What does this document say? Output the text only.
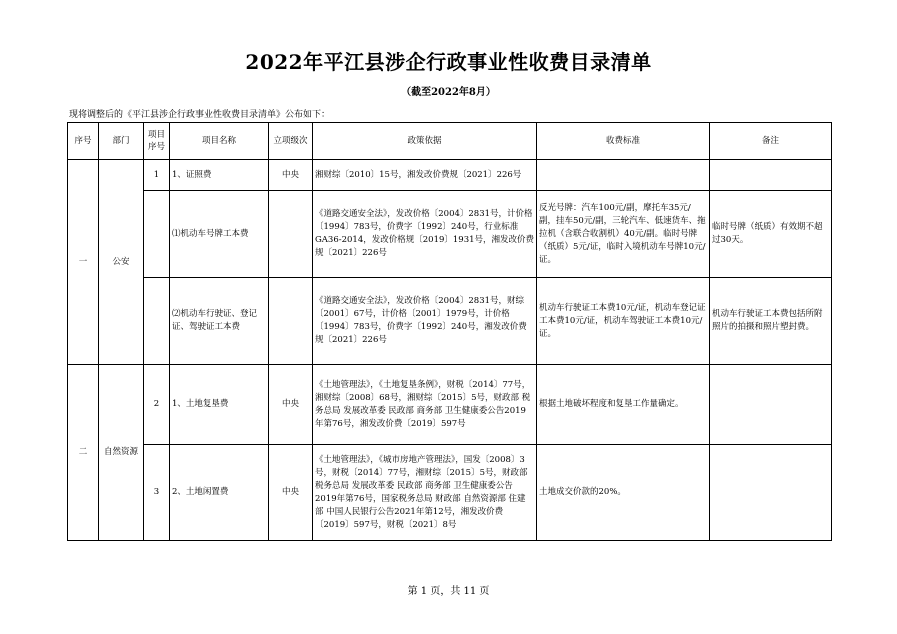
2022年平江县涉企行政事业性收费目录清单
（截至2022年8月）
现将调整后的《平江县涉企行政事业性收费目录清单》公布如下：
序号	部门	项目序号	项目名称	立项级次	政策依据	收费标准	备注
一	公安	1	1、证照费	中央	湘财综〔2010〕15号，湘发改价费规〔2021〕226号		
			⑴机动车号牌工本费		《道路交通安全法》，发改价格〔2004〕2831号，计价格〔1994〕783号，价费字〔1992〕240号，行业标准GA36-2014，发改价格规〔2019〕1931号，湘发改价费规〔2021〕226号	反光号牌：汽车100元/副，摩托车35元/副，挂车50元/副，三轮汽车、低速货车、拖拉机（含联合收割机）40元/副。临时号牌（纸质）5元/证，临时入境机动车号牌10元/证。	临时号牌（纸质）有效期不超过30天。
			⑵机动车行驶证、登记证、驾驶证工本费		《道路交通安全法》，发改价格〔2004〕2831号，财综〔2001〕67号，计价格〔2001〕1979号，计价格〔1994〕783号，价费字〔1992〕240号，湘发改价费规〔2021〕226号	机动车行驶证工本费10元/证，机动车登记证工本费10元/证，机动车驾驶证工本费10元/证。	机动车行驶证工本费包括所附照片的拍摄和照片塑封费。
二	自然资源	2	1、土地复垦费	中央	《土地管理法》，《土地复垦条例》，财税〔2014〕77号，湘财综〔2008〕68号，湘财综〔2015〕5号，财政部 税务总局 发展改革委 民政部 商务部 卫生健康委公告2019年第76号，湘发改价费〔2019〕597号	根据土地破坏程度和复垦工作量确定。	
		3	2、土地闲置费	中央	《土地管理法》，《城市房地产管理法》，国发〔2008〕3号，财税〔2014〕77号，湘财综〔2015〕5号，财政部 税务总局 发展改革委 民政部 商务部 卫生健康委公告2019年第76号，国家税务总局 财政部 自然资源部 住建部 中国人民银行公告2021年第12号，湘发改价费〔2019〕597号，财税〔2021〕8号	土地成交价款的20%。	
第 1 页，共 11 页
